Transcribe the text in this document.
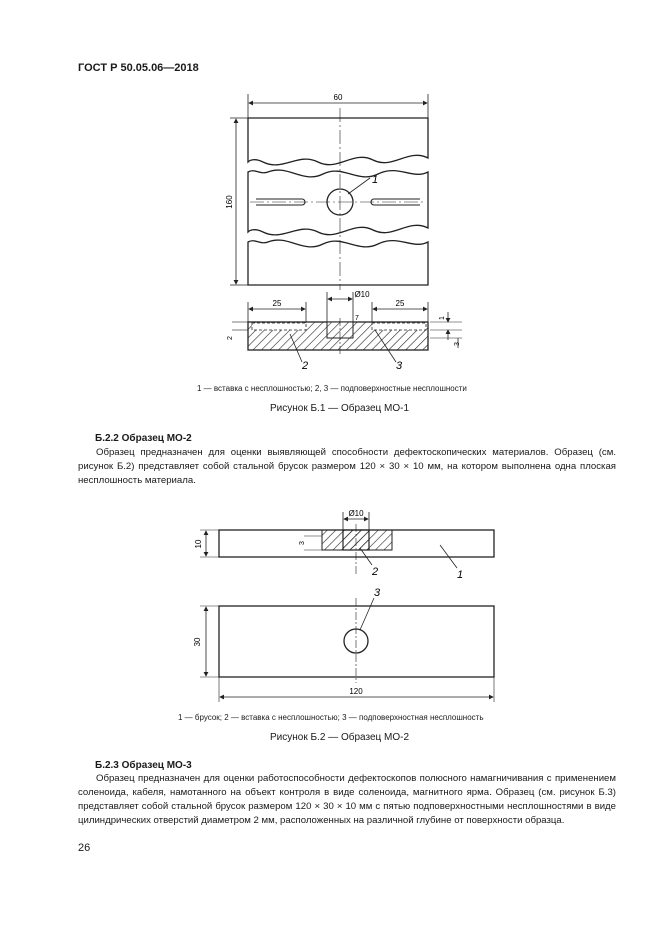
ГОСТ Р 50.05.06—2018
60
160
1
Ø10
25	25
7	1
3
2
2	3
1 — вставка с несплошностью; 2, 3 — подповерхностные несплошности
Рисунок Б.1 — Образец МО-1
Б.2.2 Образец МО-2
Образец предназначен для оценки выявляющей способности дефектоскопических материалов. Образец (см. рисунок Б.2) представляет собой стальной брусок размером 120 × 30 × 10 мм, на котором выполнена одна плоская несплошность материала.
Ø10
10	3
2	1
3
30
120
1 — брусок; 2 — вставка с несплошностью; 3 — подповерхностная несплошность
Рисунок Б.2 — Образец МО-2
Б.2.3 Образец МО-3
Образец предназначен для оценки работоспособности дефектоскопов полюсного намагничивания с применением соленоида, кабеля, намотанного на объект контроля в виде соленоида, магнитного ярма. Образец (см. рисунок Б.3) представляет собой стальной брусок размером 120 × 30 × 10 мм с пятью подповерхностными несплошностями в виде цилиндрических отверстий диаметром 2 мм, расположенных на различной глубине от поверхности образца.
26
